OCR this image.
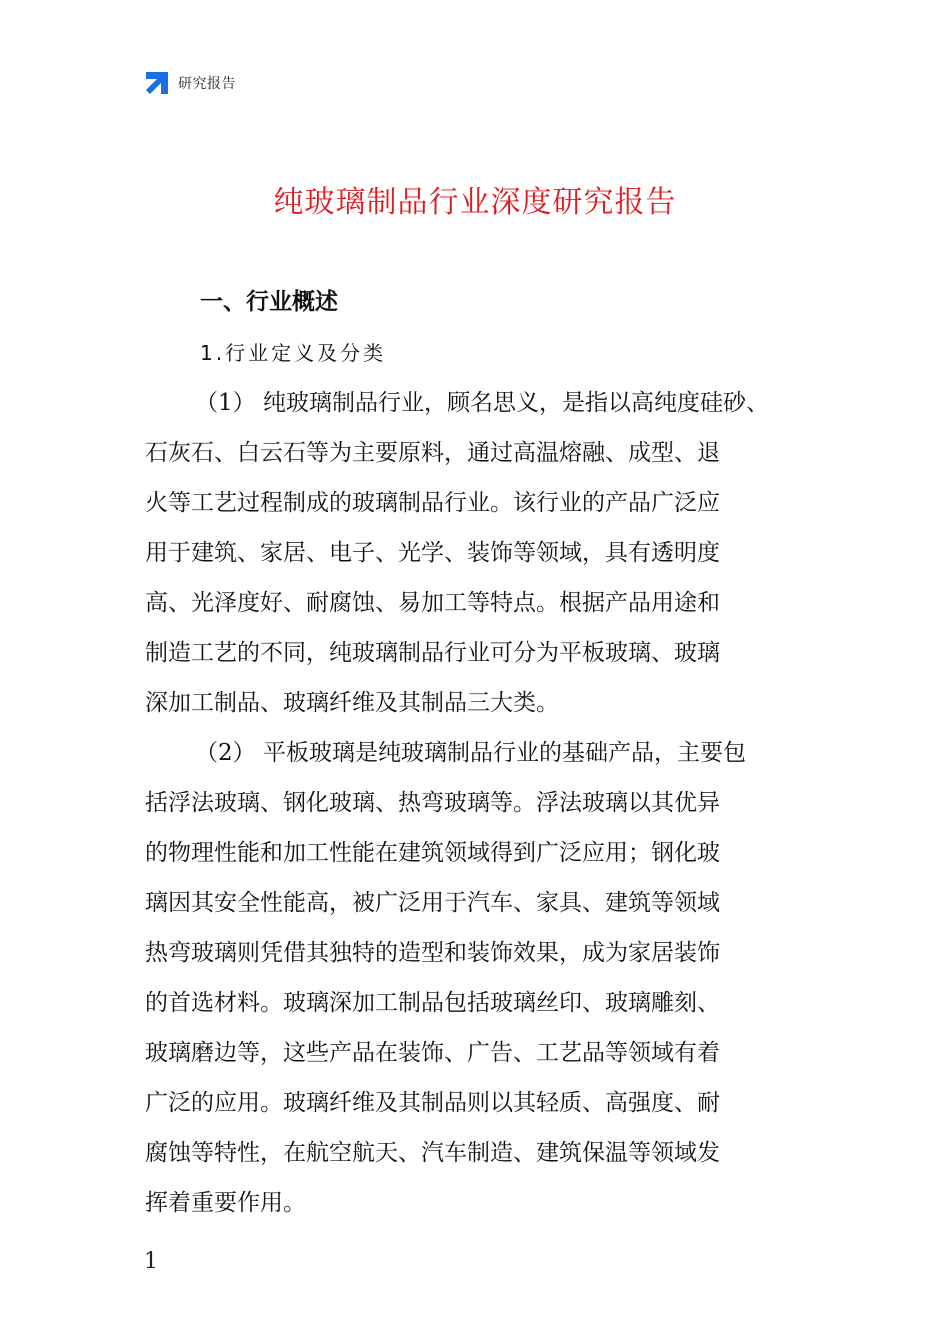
研究报告
纯玻璃制品行业深度研究报告
一、行业概述
1.行业定义及分类
（1） 纯玻璃制品行业，顾名思义，是指以高纯度硅砂、
石灰石、白云石等为主要原料，通过高温熔融、成型、退
火等工艺过程制成的玻璃制品行业。该行业的产品广泛应
用于建筑、家居、电子、光学、装饰等领域，具有透明度
高、光泽度好、耐腐蚀、易加工等特点。根据产品用途和
制造工艺的不同，纯玻璃制品行业可分为平板玻璃、玻璃
深加工制品、玻璃纤维及其制品三大类。
（2） 平板玻璃是纯玻璃制品行业的基础产品，主要包
括浮法玻璃、钢化玻璃、热弯玻璃等。浮法玻璃以其优异
的物理性能和加工性能在建筑领域得到广泛应用；钢化玻
璃因其安全性能高，被广泛用于汽车、家具、建筑等领域
热弯玻璃则凭借其独特的造型和装饰效果，成为家居装饰
的首选材料。玻璃深加工制品包括玻璃丝印、玻璃雕刻、
玻璃磨边等，这些产品在装饰、广告、工艺品等领域有着
广泛的应用。玻璃纤维及其制品则以其轻质、高强度、耐
腐蚀等特性，在航空航天、汽车制造、建筑保温等领域发
挥着重要作用。
1
